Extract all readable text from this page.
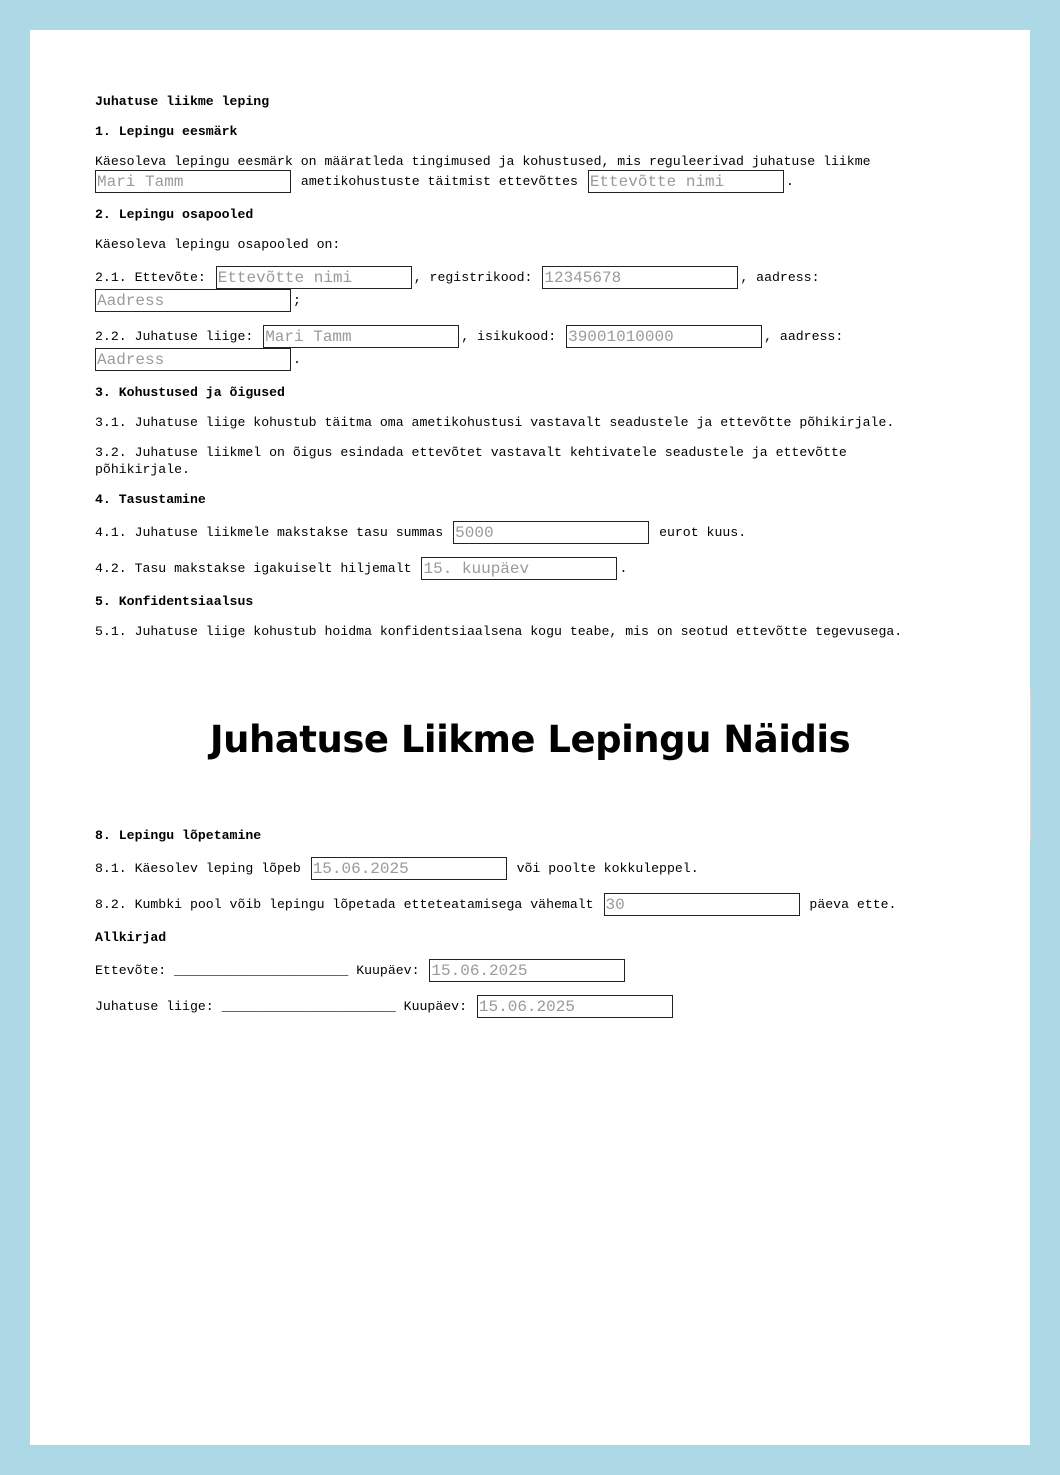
Juhatuse liikme leping
1. Lepingu eesmärk
Käesoleva lepingu eesmärk on määratleda tingimused ja kohustused, mis reguleerivad juhatuse liikme
Mari Tamm ametikohustuste täitmist ettevõttes Ettevõtte nimi	.
2. Lepingu osapooled
Käesoleva lepingu osapooled on:
2.1. Ettevõte: Ettevõtte nimi	, registrikood: 12345678	, aadress:
Aadress;
2.2. Juhatuse liige: Mari Tamm	, isikukood: 39001010000	, aadress:
Aadress.
3. Kohustused ja õigused
3.1. Juhatuse liige kohustub täitma oma ametikohustusi vastavalt seadustele ja ettevõtte põhikirjale.
3.2. Juhatuse liikmel on õigus esindada ettevõtet vastavalt kehtivatele seadustele ja ettevõtte
põhikirjale.
4. Tasustamine
4.1. Juhatuse liikmele makstakse tasu summas 5000	eurot kuus.
4.2. Tasu makstakse igakuiselt hiljemalt 15. kuupäev	.
5. Konfidentsiaalsus
5.1. Juhatuse liige kohustub hoidma konfidentsiaalsena kogu teabe, mis on seotud ettevõtte tegevusega.
Juhatuse Liikme Lepingu Näidis
8. Lepingu lõpetamine
8.1. Käesolev leping lõpeb 15.06.2025	või poolte kokkuleppel.
8.2. Kumbki pool võib lepingu lõpetada etteteatamisega vähemalt 30	päeva ette.
Allkirjad
Ettevõte: ______________________ Kuupäev: 15.06.2025
Juhatuse liige: ______________________ Kuupäev: 15.06.2025
